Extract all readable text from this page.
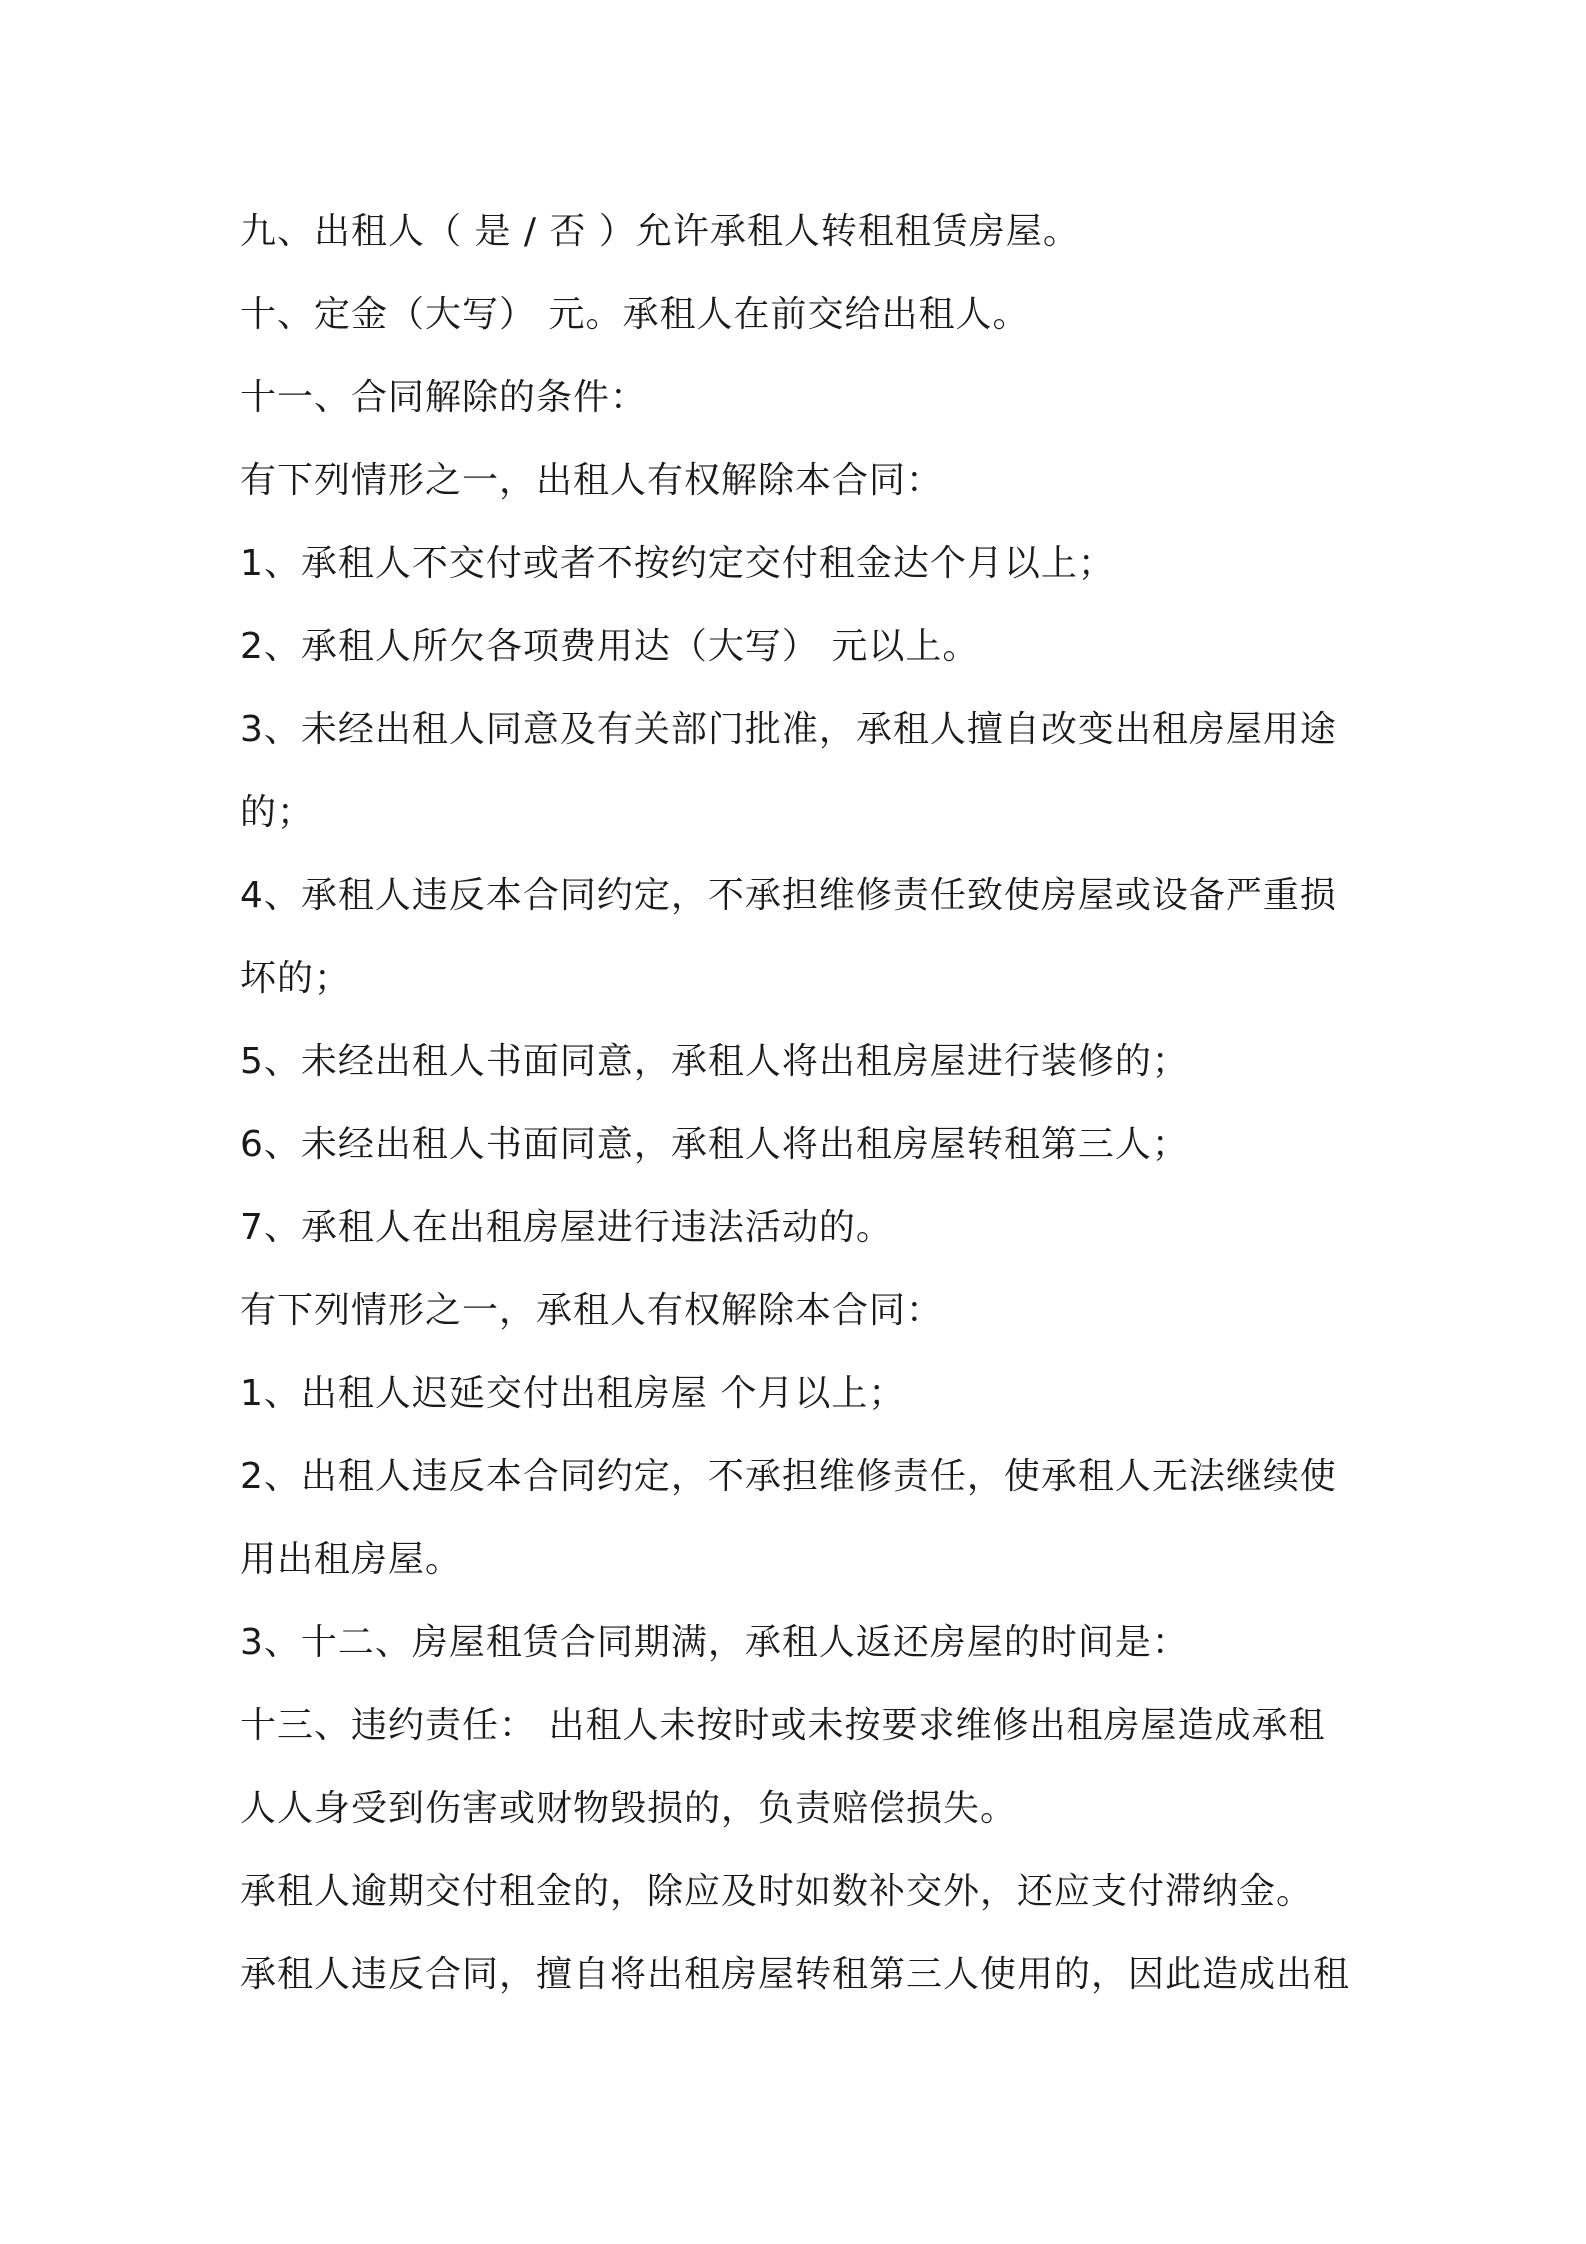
九、出租人（ 是 / 否 ）允许承租人转租租赁房屋。
十、定金（大写） 元。承租人在前交给出租人。
十一、合同解除的条件：
有下列情形之一，出租人有权解除本合同：
1、承租人不交付或者不按约定交付租金达个月以上；
2、承租人所欠各项费用达（大写） 元以上。
3、未经出租人同意及有关部门批准，承租人擅自改变出租房屋用途
的；
4、承租人违反本合同约定，不承担维修责任致使房屋或设备严重损
坏的；
5、未经出租人书面同意，承租人将出租房屋进行装修的；
6、未经出租人书面同意，承租人将出租房屋转租第三人；
7、承租人在出租房屋进行违法活动的。
有下列情形之一，承租人有权解除本合同：
1、出租人迟延交付出租房屋 个月以上；
2、出租人违反本合同约定，不承担维修责任，使承租人无法继续使
用出租房屋。
3、十二、房屋租赁合同期满，承租人返还房屋的时间是：
十三、违约责任： 出租人未按时或未按要求维修出租房屋造成承租
人人身受到伤害或财物毁损的，负责赔偿损失。
承租人逾期交付租金的，除应及时如数补交外，还应支付滞纳金。
承租人违反合同，擅自将出租房屋转租第三人使用的，因此造成出租
